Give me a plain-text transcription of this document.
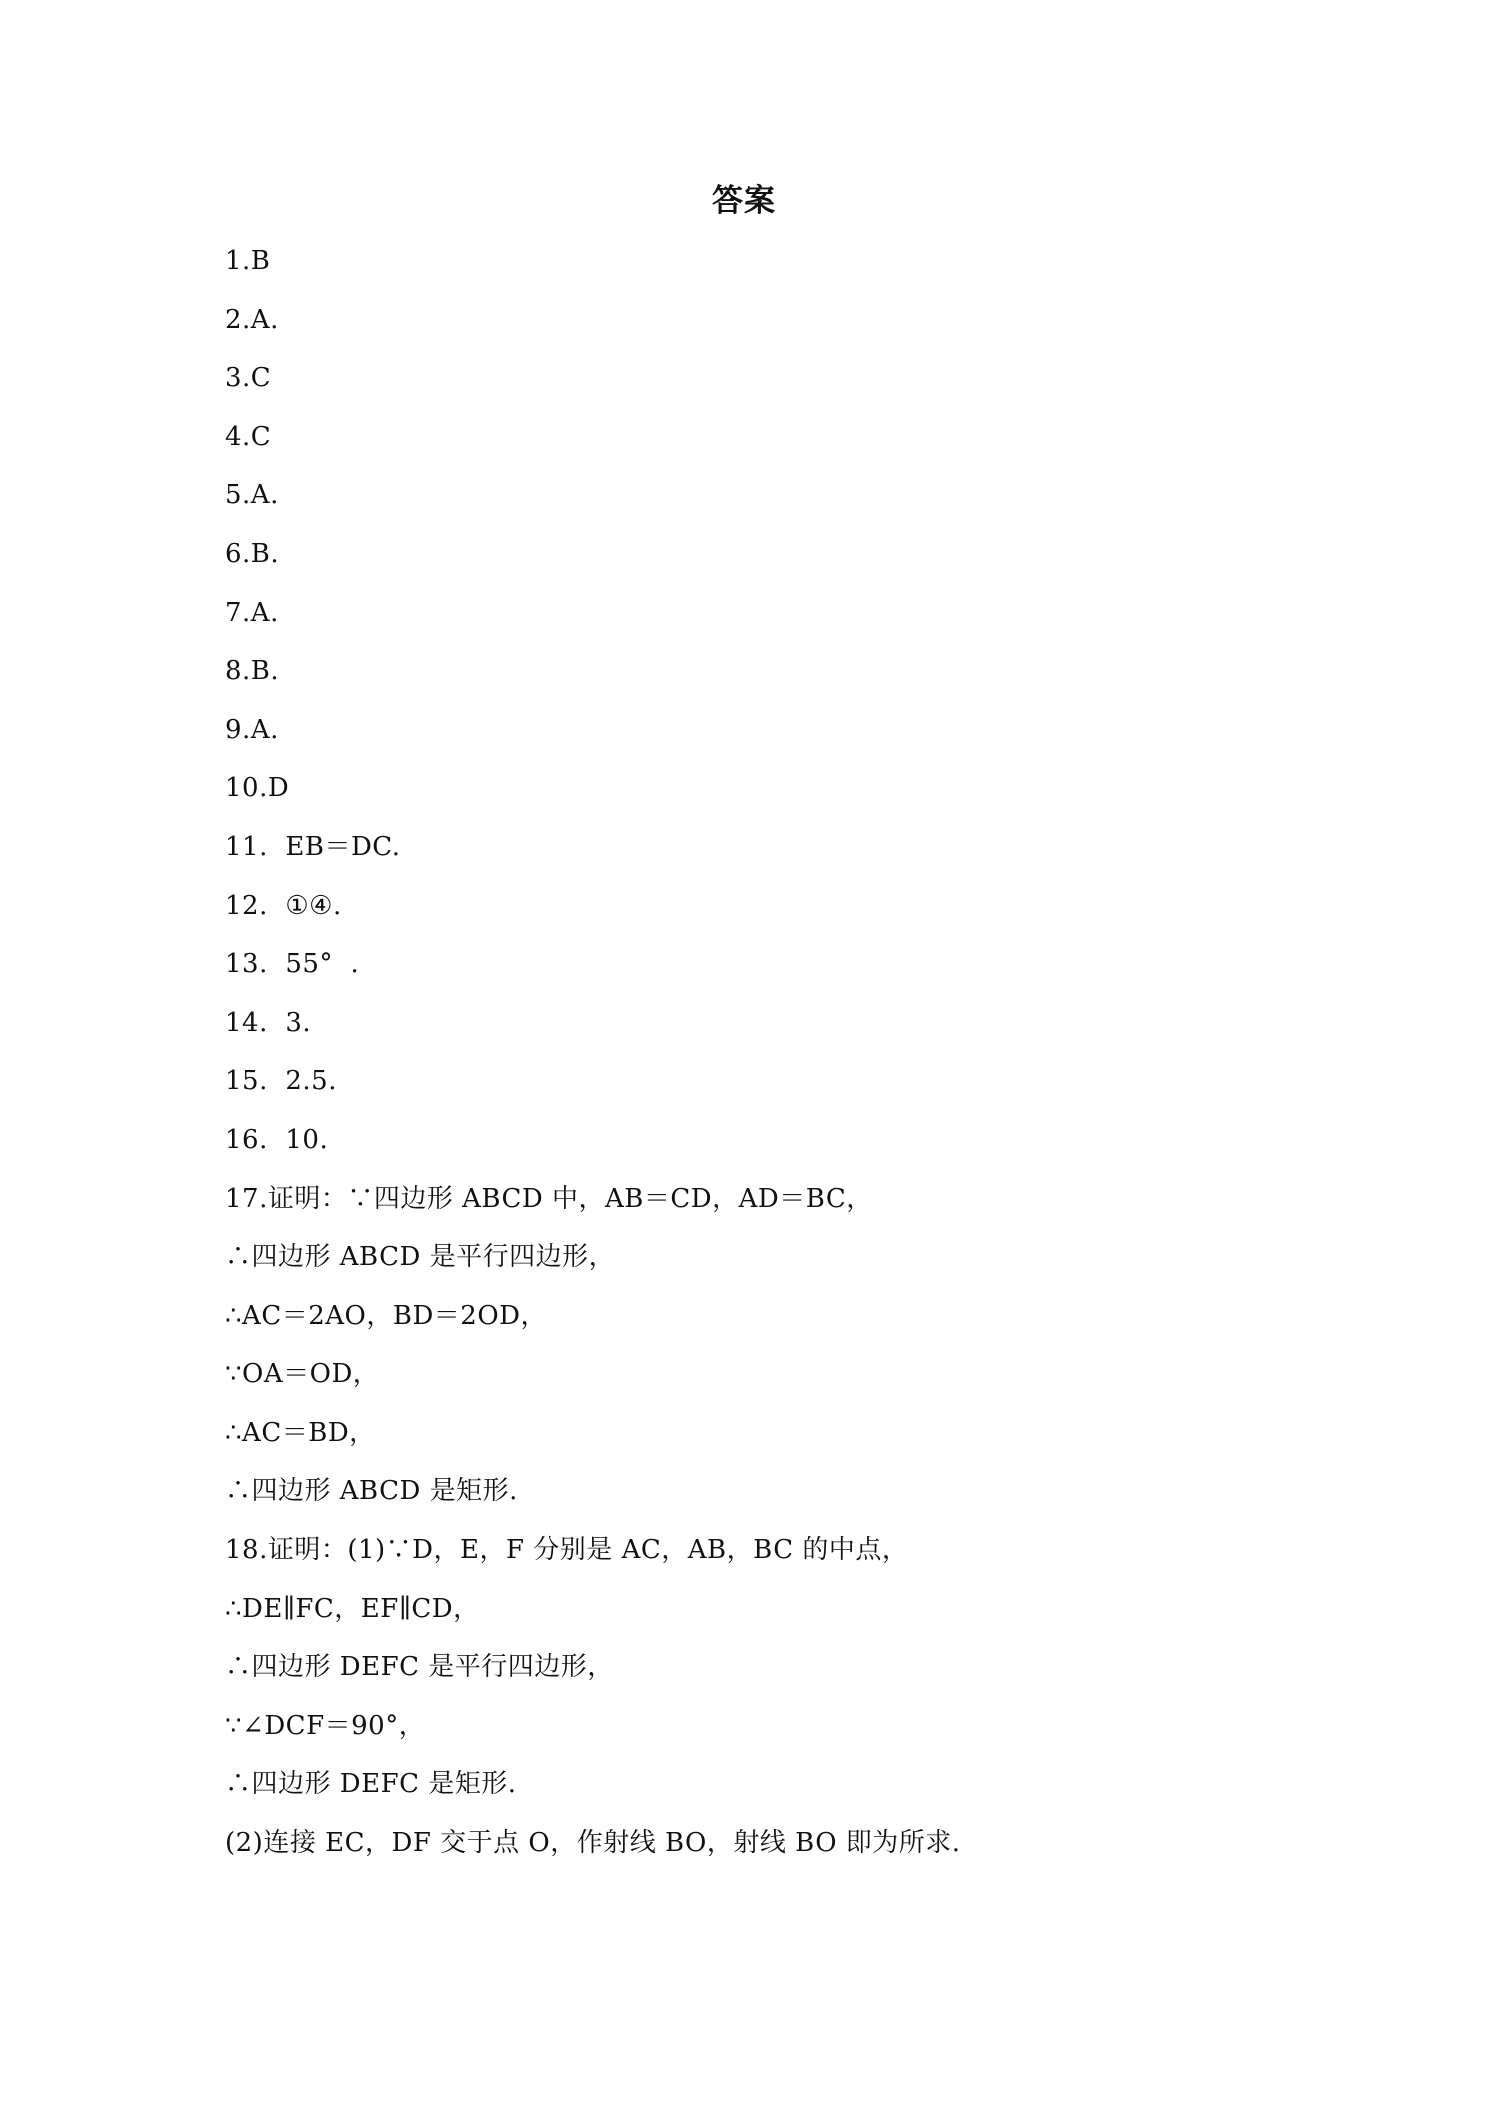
答案
1.B
2.A.
3.C
4.C
5.A.
6.B.
7.A.
8.B.
9.A.
10.D
11.  EB＝DC.
12.  ①④.
13.  55°  .
14.  3.
15.  2.5.
16.  10.
17.证明：∵四边形 ABCD 中，AB＝CD，AD＝BC，
∴四边形 ABCD 是平行四边形，
∴AC＝2AO，BD＝2OD，
∵OA＝OD，
∴AC＝BD，
∴四边形 ABCD 是矩形.
18.证明：(1)∵D，E，F 分别是 AC，AB，BC 的中点，
∴DE∥FC，EF∥CD，
∴四边形 DEFC 是平行四边形，
∵∠DCF＝90°，
∴四边形 DEFC 是矩形.
(2)连接 EC，DF 交于点 O，作射线 BO，射线 BO 即为所求.
